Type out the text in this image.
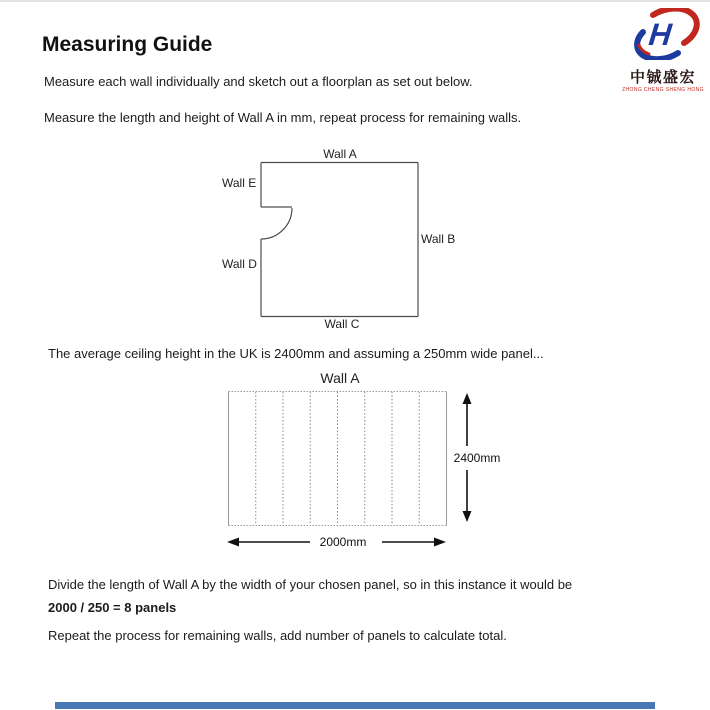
Measuring Guide	H
中铖盛宏
ZHONG CHENG SHENG HONG
Measure each wall individually and sketch out a floorplan as set out below.
Measure the length and height of Wall A in mm, repeat process for remaining walls.
Wall A
Wall E
Wall B
Wall D
Wall C
The average ceiling height in the UK is 2400mm and assuming a 250mm wide panel...
Wall A
2400mm
2000mm
Divide the length of Wall A by the width of your chosen panel, so in this instance it would be
2000 / 250 = 8 panels
Repeat the process for remaining walls, add number of panels to calculate total.
